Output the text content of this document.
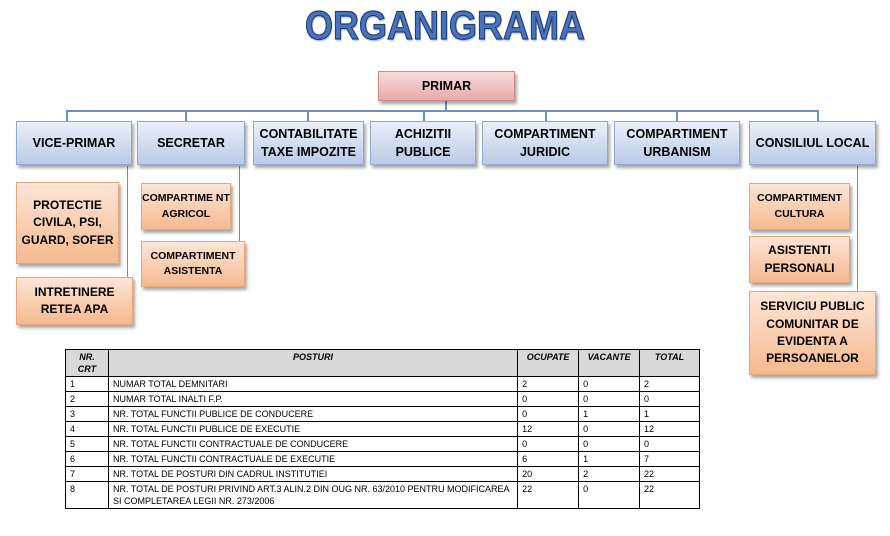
ORGANIGRAMA
PRIMAR
VICE-PRIMAR	SECRETAR
CONTABILITATE TAXE IMPOZITE
ACHIZITII PUBLICE
COMPARTIMENT JURIDIC
COMPARTIMENT URBANISM
CONSILIUL LOCAL
PROTECTIE CIVILA, PSI, GUARD, SOFER
INTRETINERE RETEA APA
COMPARTIME NT AGRICOL
COMPARTIMENT ASISTENTA
COMPARTIMENT CULTURA
ASISTENTI PERSONALI
SERVICIU PUBLIC COMUNITAR DE EVIDENTA A PERSOANELOR
NR. CRT	POSTURI	OCUPATE	VACANTE	TOTAL
1	NUMAR TOTAL DEMNITARI	2	0	2
2	NUMAR TOTAL INALTI F.P.	0	0	0
3	NR. TOTAL FUNCTII PUBLICE DE CONDUCERE	0	1	1
4	NR. TOTAL FUNCTII PUBLICE DE EXECUTIE	12	0	12
5	NR. TOTAL FUNCTII CONTRACTUALE DE CONDUCERE	0	0	0
6	NR. TOTAL FUNCTII CONTRACTUALE DE EXECUTIE	6	1	7
7	NR. TOTAL DE POSTURI DIN CADRUL INSTITUTIEI	20	2	22
8	NR. TOTAL DE POSTURI PRIVIND ART.3 ALIN.2 DIN OUG NR. 63/2010 PENTRU MODIFICAREA SI COMPLETAREA LEGII NR. 273/2006	22	0	22
